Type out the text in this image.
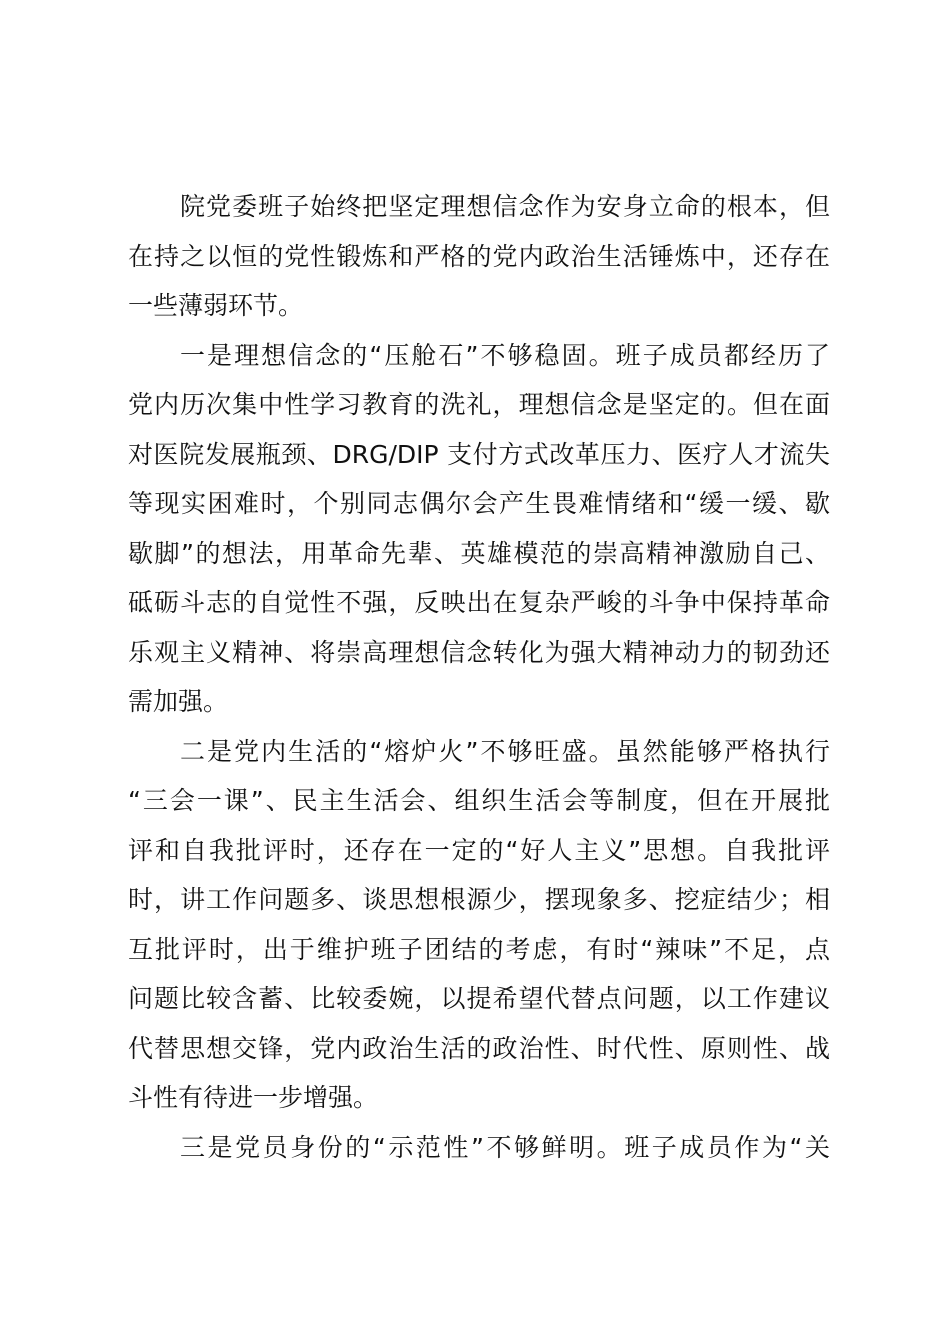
院党委班子始终把坚定理想信念作为安身立命的根本，但
在持之以恒的党性锻炼和严格的党内政治生活锤炼中，还存在
一些薄弱环节。
一是理想信念的“压舱石”不够稳固。班子成员都经历了
党内历次集中性学习教育的洗礼，理想信念是坚定的。但在面
对医院发展瓶颈、DRG/DIP 支付方式改革压力、医疗人才流失
等现实困难时，个别同志偶尔会产生畏难情绪和“缓一缓、歇
歇脚”的想法，用革命先辈、英雄模范的崇高精神激励自己、
砥砺斗志的自觉性不强，反映出在复杂严峻的斗争中保持革命
乐观主义精神、将崇高理想信念转化为强大精神动力的韧劲还
需加强。
二是党内生活的“熔炉火”不够旺盛。虽然能够严格执行
“三会一课”、民主生活会、组织生活会等制度，但在开展批
评和自我批评时，还存在一定的“好人主义”思想。自我批评
时，讲工作问题多、谈思想根源少，摆现象多、挖症结少；相
互批评时，出于维护班子团结的考虑，有时“辣味”不足，点
问题比较含蓄、比较委婉，以提希望代替点问题，以工作建议
代替思想交锋，党内政治生活的政治性、时代性、原则性、战
斗性有待进一步增强。
三是党员身份的“示范性”不够鲜明。班子成员作为“关
